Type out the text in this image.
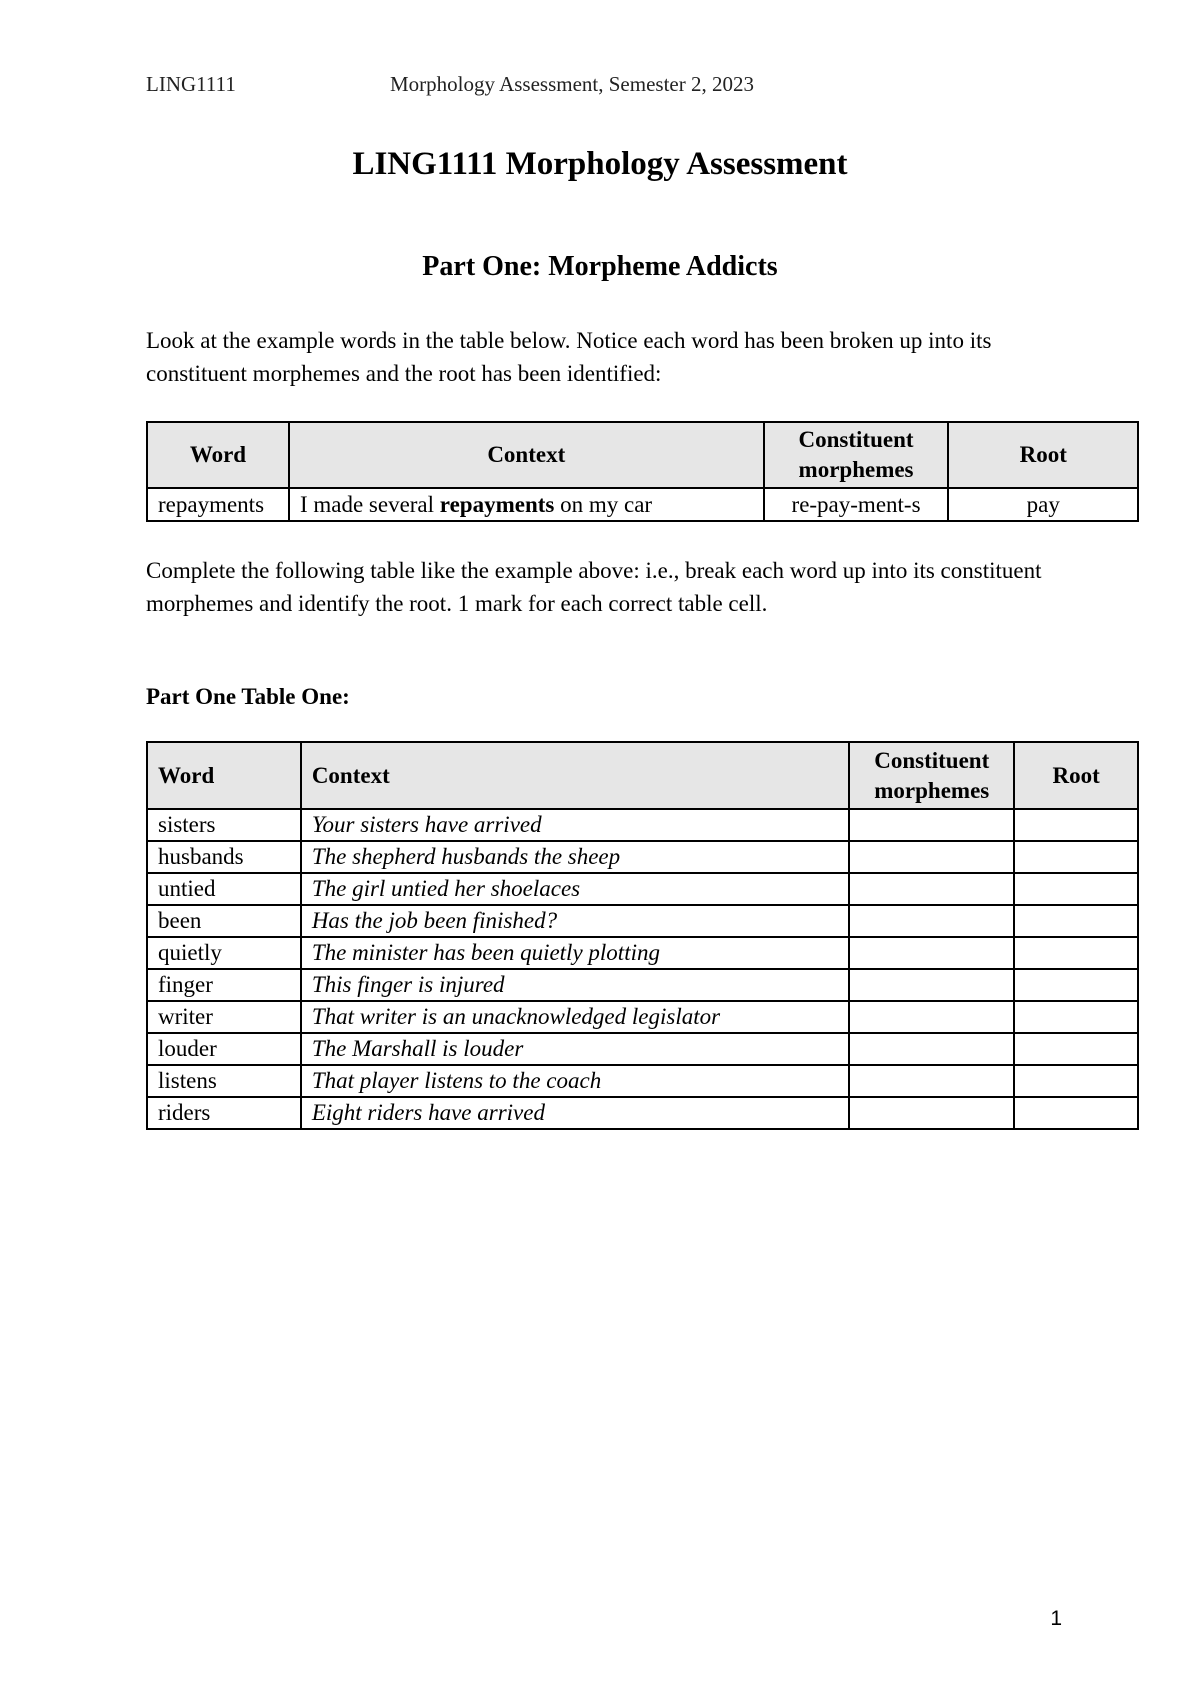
LING1111	Morphology Assessment, Semester 2, 2023
LING1111 Morphology Assessment
Part One: Morpheme Addicts
Look at the example words in the table below. Notice each word has been broken up into its constituent morphemes and the root has been identified:
Word	Context	Constituent morphemes	Root
repayments	I made several repayments on my car	re-pay-ment-s	pay
Complete the following table like the example above: i.e., break each word up into its constituent morphemes and identify the root. 1 mark for each correct table cell.
Part One Table One:
Word	Context	Constituent morphemes	Root
sisters	Your sisters have arrived		
husbands	The shepherd husbands the sheep		
untied	The girl untied her shoelaces		
been	Has the job been finished?		
quietly	The minister has been quietly plotting		
finger	This finger is injured		
writer	That writer is an unacknowledged legislator		
louder	The Marshall is louder		
listens	That player listens to the coach		
riders	Eight riders have arrived		
1
